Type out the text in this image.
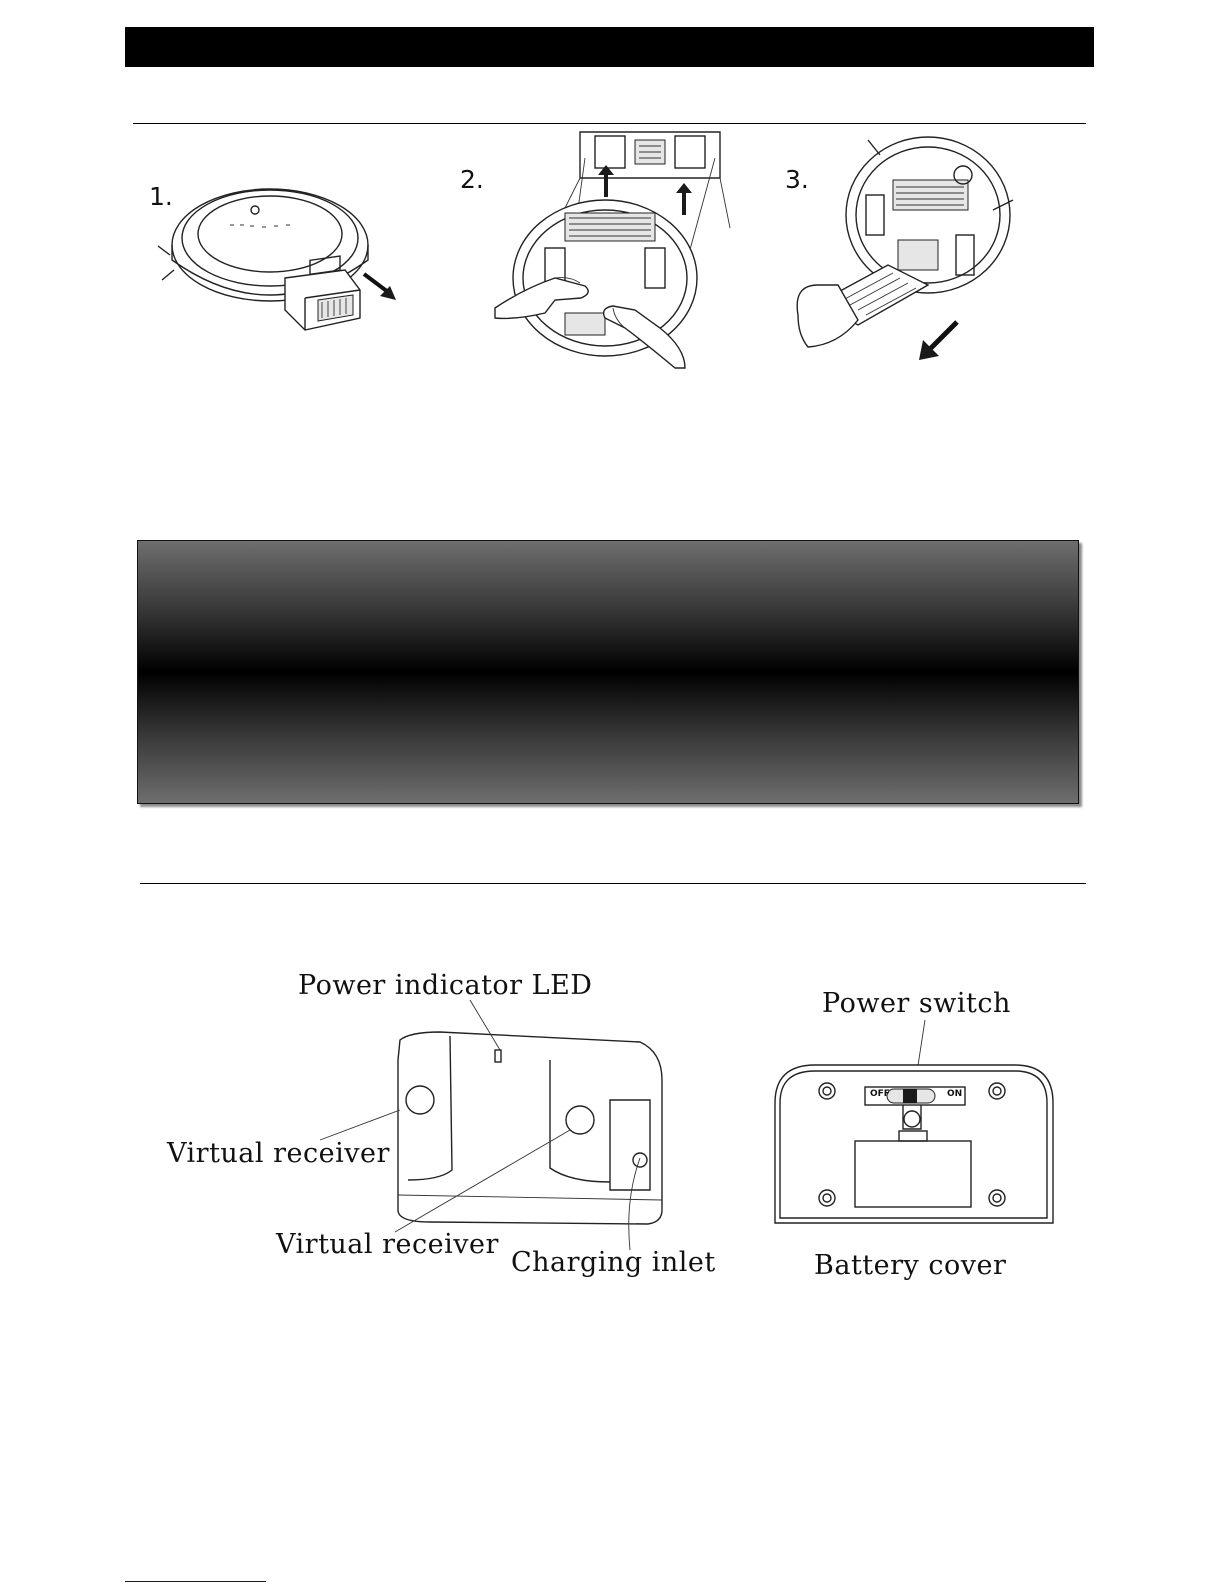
1.
2.	3.
OFF	ON
Power indicator LED
Virtual receiver
Virtual receiver
Charging inlet
Power switch
Battery cover
